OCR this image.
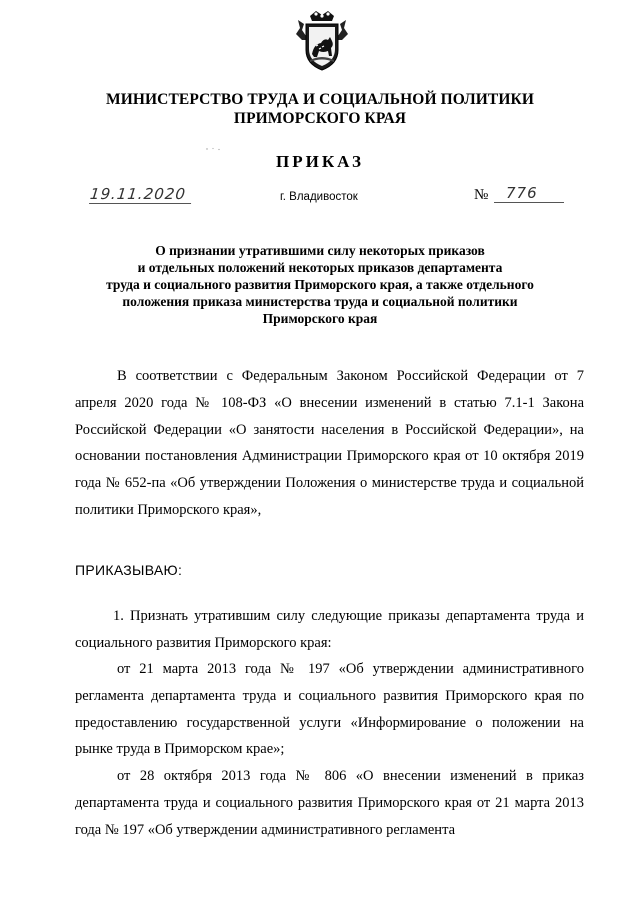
МИНИСТЕРСТВО ТРУДА И СОЦИАЛЬНОЙ ПОЛИТИКИ
ПРИМОРСКОГО КРАЯ
ПРИКАЗ
19.11.2020	г. Владивосток	№	776
О признании утратившими силу некоторых приказов
и отдельных положений некоторых приказов департамента
труда и социального развития Приморского края, а также отдельного
положения приказа министерства труда и социальной политики
Приморского края
В соответствии с Федеральным Законом Российской Федерации от 7 апреля 2020 года № 108-ФЗ «О внесении изменений в статью 7.1-1 Закона Российской Федерации «О занятости населения в Российской Федерации», на основании постановления Администрации Приморского края от 10 октября 2019 года № 652-па «Об утверждении Положения о министерстве труда и социальной политики Приморского края»,
ПРИКАЗЫВАЮ:
1. Признать утратившим силу следующие приказы департамента труда и социального развития Приморского края:
от 21 марта 2013 года № 197 «Об утверждении административного регламента департамента труда и социального развития Приморского края по предоставлению государственной услуги «Информирование о положении на рынке труда в Приморском крае»;
от 28 октября 2013 года № 806 «О внесении изменений в приказ департамента труда и социального развития Приморского края от 21 марта 2013 года № 197 «Об утверждении административного регламента
